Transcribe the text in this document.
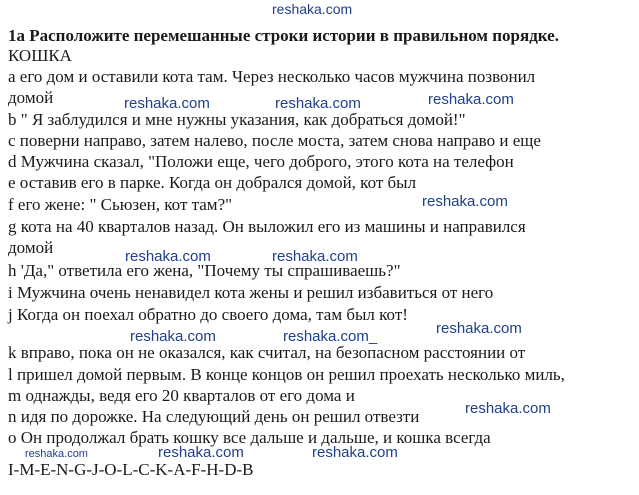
reshaka.com
1a Расположите перемешанные строки истории в правильном порядке.
КОШКА
a его дом и оставили кота там. Через несколько часов мужчина позвонил
домой
b " Я заблудился и мне нужны указания, как добраться домой!"
c поверни направо, затем налево, после моста, затем снова направо и еще
d Мужчина сказал, "Положи еще, чего доброго, этого кота на телефон
e оставив его в парке. Когда он добрался домой, кот был
f его жене: " Сьюзен, кот там?"
g кота на 40 кварталов назад. Он выложил его из машины и направился
домой
h 'Да," ответила его жена, "Почему ты спрашиваешь?"
i Мужчина очень ненавидел кота жены и решил избавиться от него
j Когда он поехал обратно до своего дома, там был кот!
k вправо, пока он не оказался, как считал, на безопасном расстоянии от
l пришел домой первым. В конце концов он решил проехать несколько миль,
m однажды, ведя его 20 кварталов от его дома и
n идя по дорожке. На следующий день он решил отвезти
o Он продолжал брать кошку все дальше и дальше, и кошка всегда
I-M-E-N-G-J-O-L-C-K-A-F-H-D-B
reshaka.com	reshaka.com	reshaka.com
reshaka.com
reshaka.com	reshaka.com
reshaka.com	reshaka.com_	reshaka.com
reshaka.com
reshaka.com	reshaka.com	reshaka.com
